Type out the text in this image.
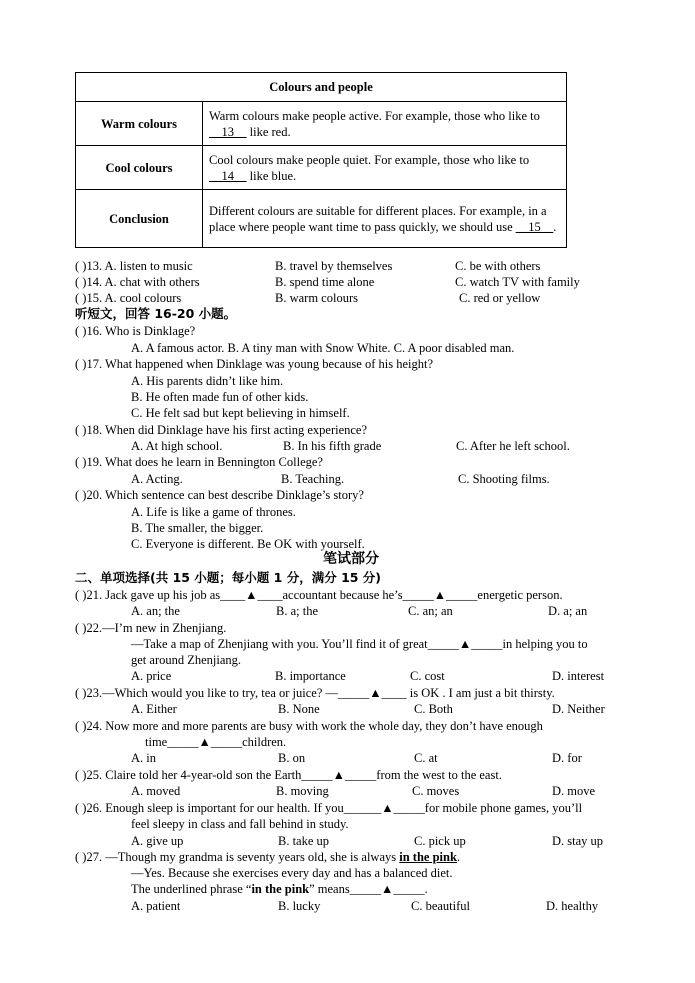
Colours and people	
Warm colours	Warm colours make people active. For example, those who like to __13__ like red.
Cool colours	Cool colours make people quiet. For example, those who like to __14__ like blue.
Conclusion	Different colours are suitable for different places. For example, in a place where people want time to pass quickly, we should use __15__.
( )13. A. listen to music	B. travel by themselves	C. be with others
( )14. A. chat with others	B. spend time alone	C. watch TV with family
( )15. A. cool colours	B. warm colours	C. red or yellow
听短文，回答 16-20 小题。
( )16. Who is Dinklage?
A. A famous actor. B. A tiny man with Snow White. C. A poor disabled man.
( )17. What happened when Dinklage was young because of his height?
A. His parents didn’t like him.
B. He often made fun of other kids.
C. He felt sad but kept believing in himself.
( )18. When did Dinklage have his first acting experience?
A. At high school.	B. In his fifth grade	C. After he left school.
( )19. What does he learn in Bennington College?
A. Acting.	B. Teaching.	C. Shooting films.
( )20. Which sentence can best describe Dinklage’s story?
A. Life is like a game of thrones.
B. The smaller, the bigger.
C. Everyone is different. Be OK with yourself.
笔试部分
二、单项选择(共 15 小题；每小题 1 分，满分 15 分)
( )21. Jack gave up his job as____▲____accountant because he’s_____▲_____energetic person.
A. an; the	B. a; the	C. an; an	D. a; an
( )22.—I’m new in Zhenjiang.
—Take a map of Zhenjiang with you. You’ll find it of great_____▲_____in helping you to
get around Zhenjiang.
A. price	B. importance	C. cost	D. interest
( )23.—Which would you like to try, tea or juice? —_____▲____ is OK . I am just a bit thirsty.
A. Either	B. None	C. Both	D. Neither
( )24. Now more and more parents are busy with work the whole day, they don’t have enough
time_____▲_____children.
A. in	B. on	C. at	D. for
( )25. Claire told her 4-year-old son the Earth_____▲_____from the west to the east.
A. moved	B. moving	C. moves	D. move
( )26. Enough sleep is important for our health. If you______▲_____for mobile phone games, you’ll
feel sleepy in class and fall behind in study.
A. give up	B. take up	C. pick up	D. stay up
( )27. —Though my grandma is seventy years old, she is always in the pink.
—Yes. Because she exercises every day and has a balanced diet.
The underlined phrase “in the pink” means_____▲_____.
A. patient	B. lucky	C. beautiful	D. healthy
